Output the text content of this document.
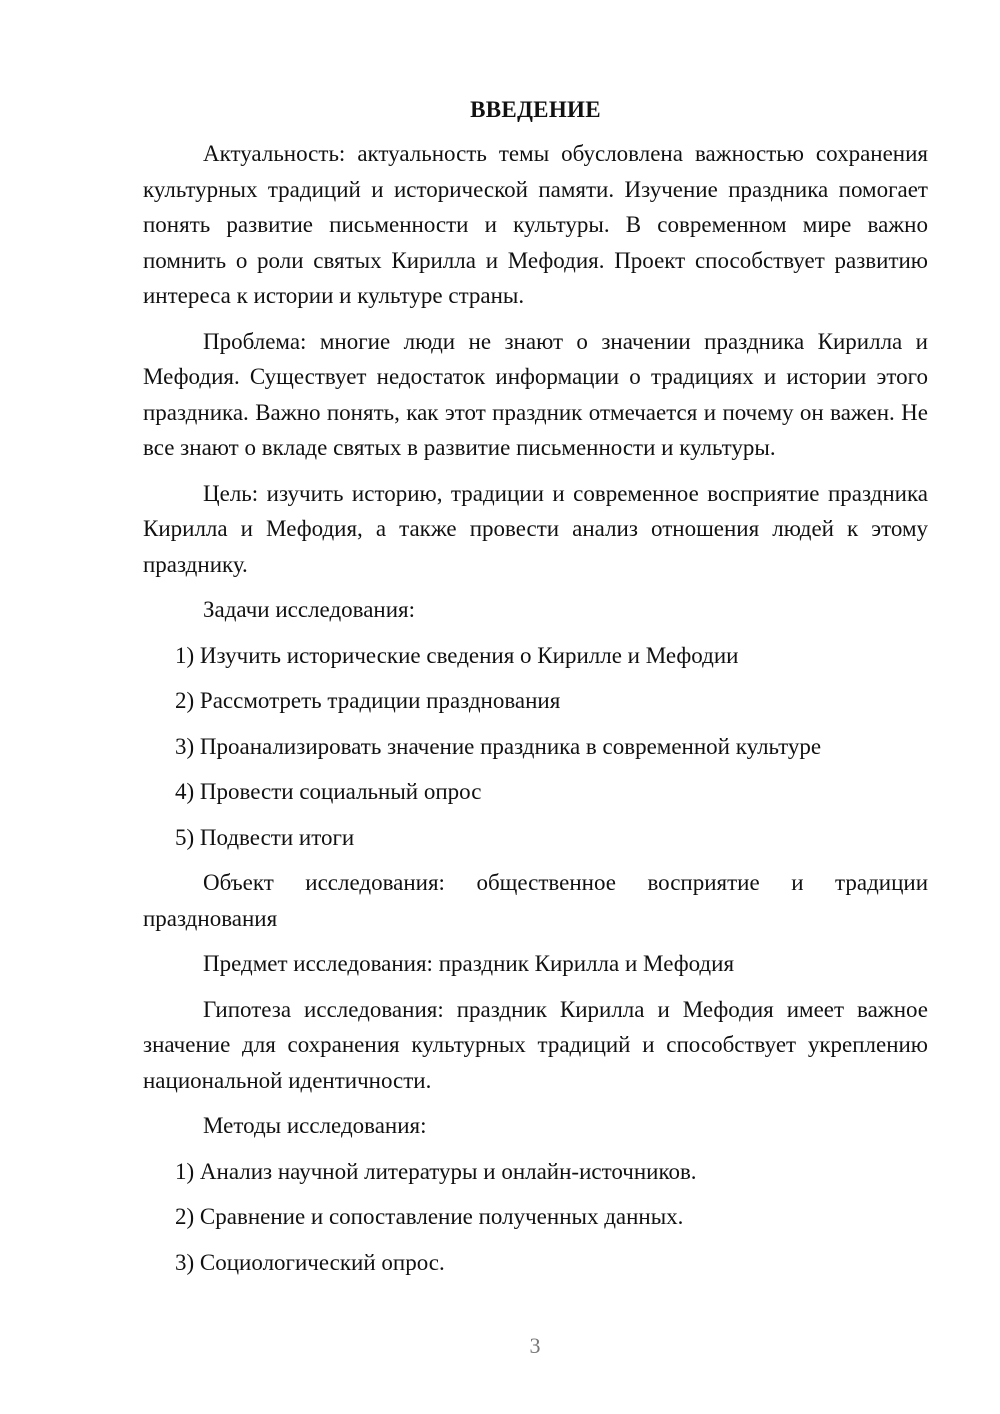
ВВЕДЕНИЕ

Актуальность: актуальность темы обусловлена важностью сохранения культурных традиций и исторической памяти. Изучение праздника помогает понять развитие письменности и культуры. В современном мире важно помнить о роли святых Кирилла и Мефодия. Проект способствует развитию интереса к истории и культуре страны.

Проблема: многие люди не знают о значении праздника Кирилла и Мефодия. Существует недостаток информации о традициях и истории этого праздника. Важно понять, как этот праздник отмечается и почему он важен. Не все знают о вкладе святых в развитие письменности и культуры.

Цель: изучить историю, традиции и современное восприятие праздника Кирилла и Мефодия, а также провести анализ отношения людей к этому празднику.

Задачи исследования:

1) Изучить исторические сведения о Кирилле и Мефодии
2) Рассмотреть традиции празднования
3) Проанализировать значение праздника в современной культуре
4) Провести социальный опрос
5) Подвести итоги

Объект исследования: общественное восприятие и традиции празднования

Предмет исследования: праздник Кирилла и Мефодия

Гипотеза исследования: праздник Кирилла и Мефодия имеет важное значение для сохранения культурных традиций и способствует укреплению национальной идентичности.

Методы исследования:

1) Анализ научной литературы и онлайн-источников.
2) Сравнение и сопоставление полученных данных.
3) Социологический опрос.
3
